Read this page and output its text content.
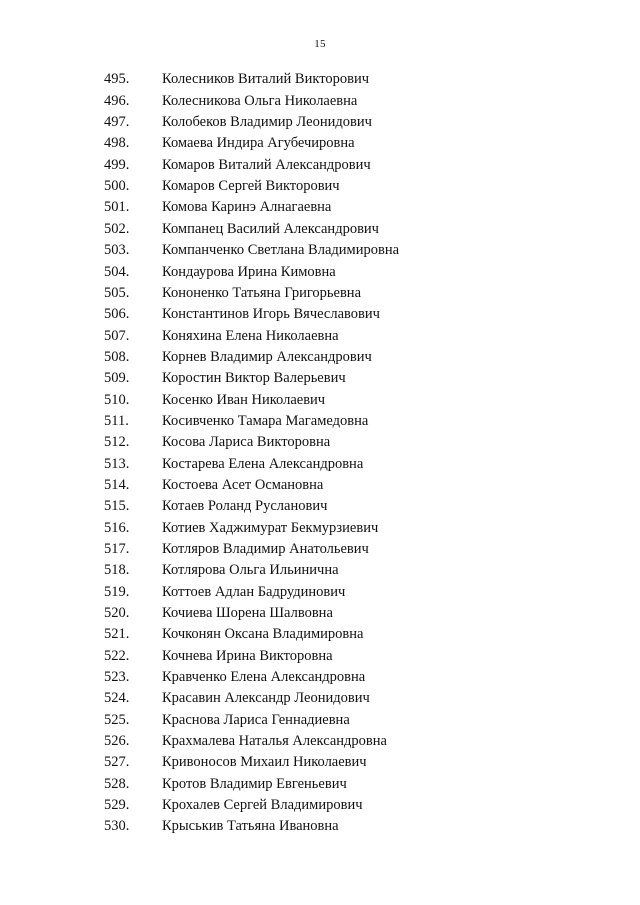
15
495. Колесников Виталий Викторович
496. Колесникова Ольга Николаевна
497. Колобеков Владимир Леонидович
498. Комаева Индира Агубечировна
499. Комаров Виталий Александрович
500. Комаров Сергей Викторович
501. Комова Каринэ Алнагаевна
502. Компанец Василий Александрович
503. Компанченко Светлана Владимировна
504. Кондаурова Ирина Кимовна
505. Кононенко Татьяна Григорьевна
506. Константинов Игорь Вячеславович
507. Коняхина Елена Николаевна
508. Корнев Владимир Александрович
509. Коростин Виктор Валерьевич
510. Косенко Иван Николаевич
511. Косивченко Тамара Магамедовна
512. Косова Лариса Викторовна
513. Костарева Елена Александровна
514. Костоева Асет Османовна
515. Котаев Роланд Русланович
516. Котиев Хаджимурат Бекмурзиевич
517. Котляров Владимир Анатольевич
518. Котлярова Ольга Ильинична
519. Коттоев Адлан Бадрудинович
520. Кочиева Шорена Шалвовна
521. Кочконян Оксана Владимировна
522. Кочнева Ирина Викторовна
523. Кравченко Елена Александровна
524. Красавин Александр Леонидович
525. Краснова Лариса Геннадиевна
526. Крахмалева Наталья Александровна
527. Кривоносов Михаил Николаевич
528. Кротов Владимир Евгеньевич
529. Крохалев Сергей Владимирович
530. Крыськив Татьяна Ивановна
